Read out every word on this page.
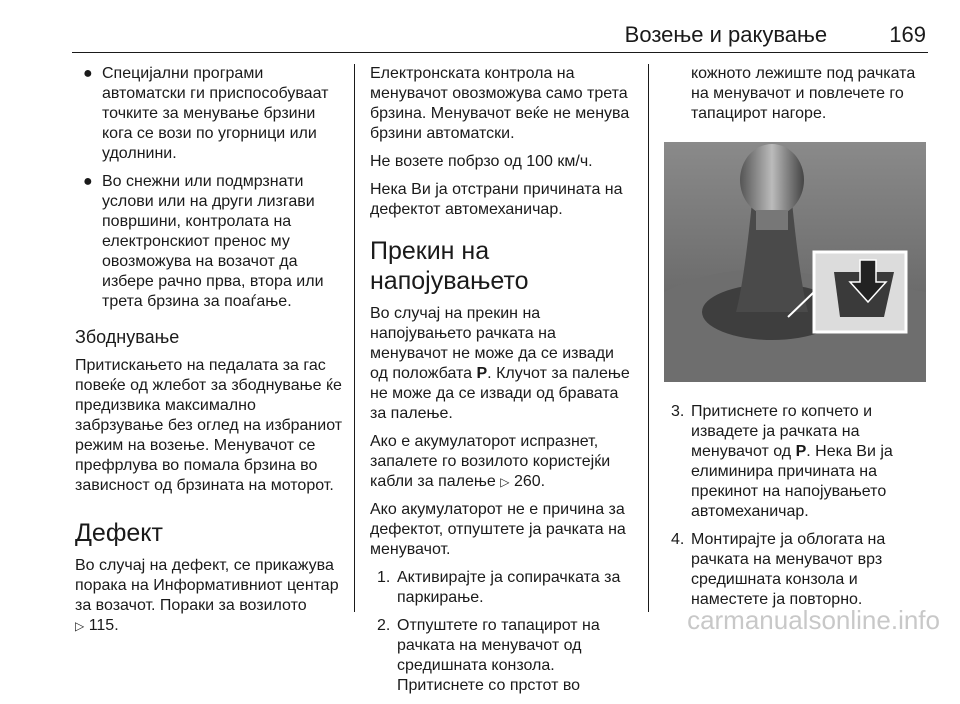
Возење и ракување	169
● Специјални програми автоматски ги приспособуваат точките за менување брзини кога се вози по угорници или удолнини.
● Во снежни или подмрзнати услови или на други лизгави површини, контролата на електронскиот пренос му овозможува на возачот да избере рачно прва, втора или трета брзина за поаѓање.
Збоднување

Притискањето на педалата за гас повеќе од жлебот за збоднување ќе предизвика максимално забрзување без оглед на избраниот режим на возење. Менувачот се префрлува во помала брзина во зависност од брзината на моторот.

Дефект

Во случај на дефект, се прикажува порака на Информативниот центар за возачот. Пораки за возилото
▷ 115.

Електронската контрола на менувачот овозможува само трета брзина. Менувачот веќе не менува брзини автоматски.

Не возете побрзо од 100 км/ч.

Нека Ви ја отстрани причината на дефектот автомеханичар.

Прекин на напојувањето

Во случај на прекин на напојувањето рачката на менувачот не може да се извади од положбата P. Клучот за палење не може да се извади од бравата за палење.

Ако е акумулаторот испразнет, запалете го возилото користејќи кабли за палење ▷ 260.

Ако акумулаторот не е причина за дефектот, отпуштете ја рачката на менувачот.

1. Активирајте ја сопирачката за паркирање.
2. Отпуштете го тапацирот на рачката на менувачот од средишната конзола. Притиснете со прстот во

кожното лежиште под рачката на менувачот и повлечете го тапацирот нагоре.

3. Притиснете го копчето и извадете ја рачката на менувачот од P. Нека Ви ја елиминира причината на прекинот на напојувањето автомеханичар.
4. Монтирајте ја облогата на рачката на менувачот врз средишната конзола и наместете ја повторно.
carmanualsonline.info
